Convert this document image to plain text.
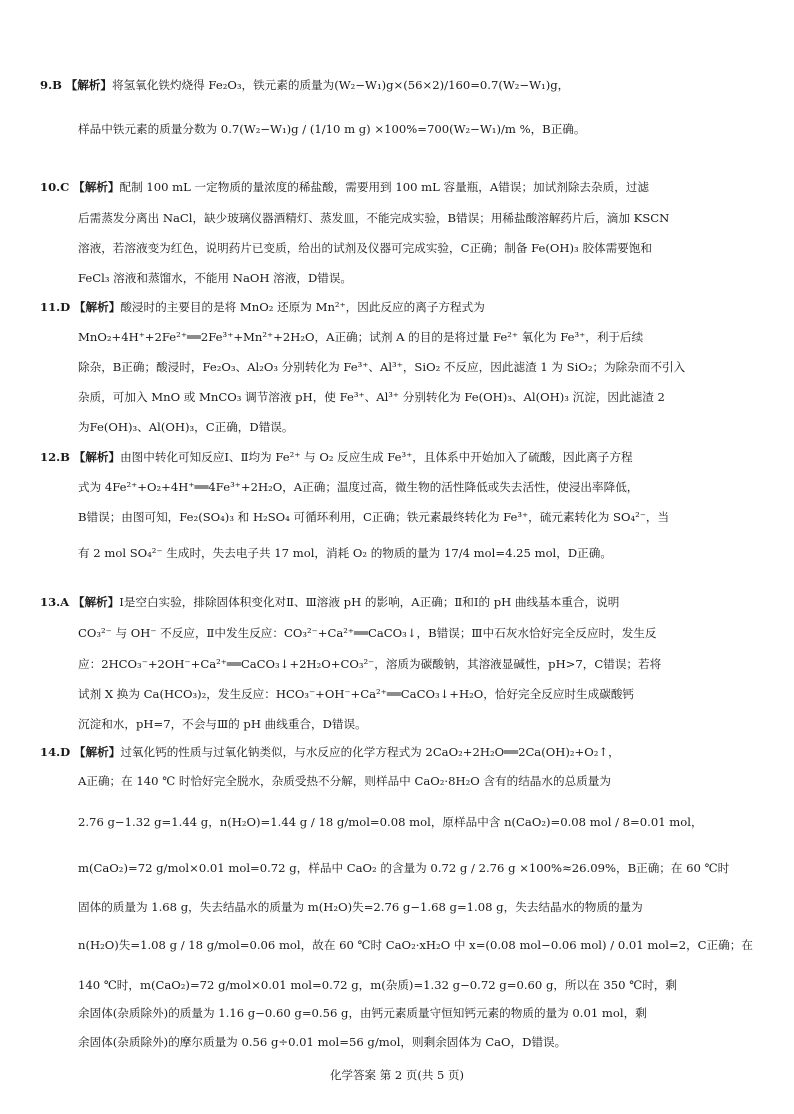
9.B 【解析】将氢氧化铁灼烧得 Fe₂O₃，铁元素的质量为(W₂−W₁)g×(56×2)/160=0.7(W₂−W₁)g，
样品中铁元素的质量分数为 0.7(W₂−W₁)g / (1/10 m g) ×100%=700(W₂−W₁)/m %，B正确。
10.C 【解析】配制 100 mL 一定物质的量浓度的稀盐酸，需要用到 100 mL 容量瓶，A错误；加试剂除去杂质，过滤
后需蒸发分离出 NaCl，缺少玻璃仪器酒精灯、蒸发皿，不能完成实验，B错误；用稀盐酸溶解药片后，滴加 KSCN
溶液，若溶液变为红色，说明药片已变质，给出的试剂及仪器可完成实验，C正确；制备 Fe(OH)₃ 胶体需要饱和
FeCl₃ 溶液和蒸馏水，不能用 NaOH 溶液，D错误。
11.D 【解析】酸浸时的主要目的是将 MnO₂ 还原为 Mn²⁺，因此反应的离子方程式为
MnO₂+4H⁺+2Fe²⁺══2Fe³⁺+Mn²⁺+2H₂O，A正确；试剂 A 的目的是将过量 Fe²⁺ 氧化为 Fe³⁺，利于后续
除杂，B正确；酸浸时，Fe₂O₃、Al₂O₃ 分别转化为 Fe³⁺、Al³⁺，SiO₂ 不反应，因此滤渣 1 为 SiO₂；为除杂而不引入
杂质，可加入 MnO 或 MnCO₃ 调节溶液 pH，使 Fe³⁺、Al³⁺ 分别转化为 Fe(OH)₃、Al(OH)₃ 沉淀，因此滤渣 2
为Fe(OH)₃、Al(OH)₃，C正确，D错误。
12.B 【解析】由图中转化可知反应Ⅰ、Ⅱ均为 Fe²⁺ 与 O₂ 反应生成 Fe³⁺，且体系中开始加入了硫酸，因此离子方程
式为 4Fe²⁺+O₂+4H⁺══4Fe³⁺+2H₂O，A正确；温度过高，微生物的活性降低或失去活性，使浸出率降低，
B错误；由图可知，Fe₂(SO₄)₃ 和 H₂SO₄ 可循环利用，C正确；铁元素最终转化为 Fe³⁺，硫元素转化为 SO₄²⁻，当
有 2 mol SO₄²⁻ 生成时，失去电子共 17 mol，消耗 O₂ 的物质的量为 17/4 mol=4.25 mol，D正确。
13.A 【解析】Ⅰ是空白实验，排除固体积变化对Ⅱ、Ⅲ溶液 pH 的影响，A正确；Ⅱ和Ⅰ的 pH 曲线基本重合，说明
CO₃²⁻ 与 OH⁻ 不反应，Ⅱ中发生反应：CO₃²⁻+Ca²⁺══CaCO₃↓，B错误；Ⅲ中石灰水恰好完全反应时，发生反
应：2HCO₃⁻+2OH⁻+Ca²⁺══CaCO₃↓+2H₂O+CO₃²⁻，溶质为碳酸钠，其溶液显碱性，pH>7，C错误；若将
试剂 X 换为 Ca(HCO₃)₂，发生反应：HCO₃⁻+OH⁻+Ca²⁺══CaCO₃↓+H₂O，恰好完全反应时生成碳酸钙
沉淀和水，pH=7，不会与Ⅲ的 pH 曲线重合，D错误。
14.D 【解析】过氧化钙的性质与过氧化钠类似，与水反应的化学方程式为 2CaO₂+2H₂O══2Ca(OH)₂+O₂↑，
A正确；在 140 ℃ 时恰好完全脱水，杂质受热不分解，则样品中 CaO₂·8H₂O 含有的结晶水的总质量为
2.76 g−1.32 g=1.44 g，n(H₂O)=1.44 g / 18 g/mol=0.08 mol，原样品中含 n(CaO₂)=0.08 mol / 8=0.01 mol，
m(CaO₂)=72 g/mol×0.01 mol=0.72 g，样品中 CaO₂ 的含量为 0.72 g / 2.76 g ×100%≈26.09%，B正确；在 60 ℃时
固体的质量为 1.68 g，失去结晶水的质量为 m(H₂O)失=2.76 g−1.68 g=1.08 g，失去结晶水的物质的量为
n(H₂O)失=1.08 g / 18 g/mol=0.06 mol，故在 60 ℃时 CaO₂·xH₂O 中 x=(0.08 mol−0.06 mol) / 0.01 mol=2，C正确；在
140 ℃时，m(CaO₂)=72 g/mol×0.01 mol=0.72 g，m(杂质)=1.32 g−0.72 g=0.60 g，所以在 350 ℃时，剩
余固体(杂质除外)的质量为 1.16 g−0.60 g=0.56 g，由钙元素质量守恒知钙元素的物质的量为 0.01 mol，剩
余固体(杂质除外)的摩尔质量为 0.56 g÷0.01 mol=56 g/mol，则剩余固体为 CaO，D错误。
化学答案 第 2 页(共 5 页)
